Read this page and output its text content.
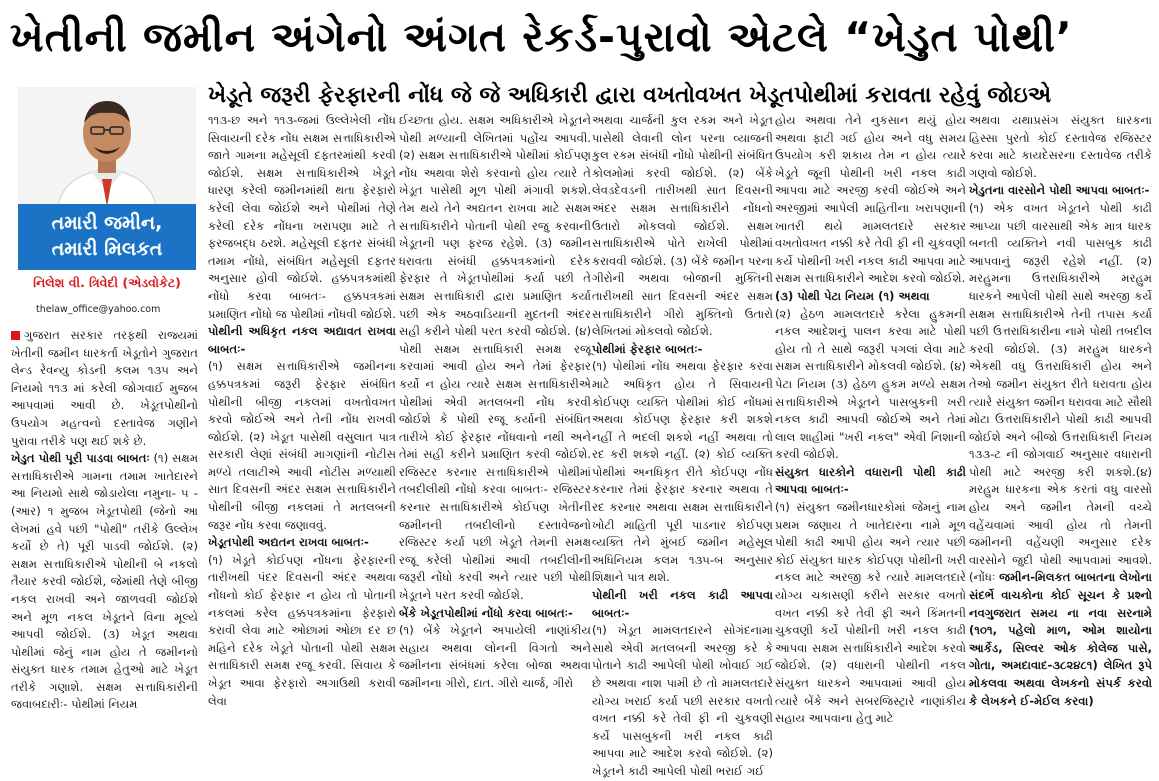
ખેતીની જમીન અંગેનો અંગત રેકર્ડ-પુરાવો એટલે “ખેડુત પોથી’
ખેડૂતે જરૂરી ફેરફારની નોંધ જે જે અધિકારી દ્વારા વખતોવખત ખેડૂતપોથીમાં કરાવતા રહેવું જોઇએ
તમારી જમીન,
તમારી મિલકત
નિલેશ વી. ત્રિવેદી (એડવોકેટ)
thelaw_office@yahoo.com

ગુજરાત સરકાર તરફથી રાજ્યમાં ખેતીની જમીન ધારકર્તા ખેડૂતોને ગુજરાત લેન્ડ રેવન્યુ કોડની કલમ ૧૩૫ અને નિયમો ૧૧૩ માં કરેલી જોગવાઈ મુજબ આપવામાં આવી છે. ખેડૂતપોથીનો ઉપયોગ મહત્વનો દસ્તાવેજ ગણીને પુરાવા તરીકે પણ થઈ શકે છે.

ખેડુત પોથી પૂરી પાડવા બાબતઃ (૧) સક્ષમ સત્તાધિકારીએ ગામના તમામ ખાતેદારને આ નિયમો સાથે જોડાયેલા નમુના- ૫ - (આર) ૧ મુજબ ખેડૂતપોથી (જેનો આ લેખમાં હવે પછી "પોથી" તરીકે ઉલ્લેખ કર્યો છે તે) પૂરી પાડવી જોઈશે. (૨) સક્ષમ સત્તાધિકારીએ પોથીની બે નકલો તૈયાર કરવી જોઈશે, જેમાંથી તેણે બીજી નકલ રાખવી અને જાળવવી જોઈશે અને મૂળ નકલ ખેડૂતને વિના મૂલ્યે આપવી જોઈશે. (૩) ખેડૂત અથવા પોથીમાં જેનું નામ હોય તે જમીનનો સંયુક્ત ધારક તમામ હેતુઓ માટે ખેડૂત તરીકે ગણાશે. સક્ષમ સત્તાધિકારીની જવાબદારીઃ- પોથીમાં નિયમ

૧૧૩-છ અને ૧૧૩-જમાં ઉલ્લેખેલી નોંધ સિવાયની દરેક નોંધ સક્ષમ સત્તાધિકારીએ જાતે ગામના મહેસૂલી દફતરમાંથી કરવી જોઈશે. સક્ષમ સત્તાધિકારીએ ખેડૂતે ધારણ કરેલી જમીનમાંથી થતા ફેરફારો કરેલી લેવા જોઈશે અને પોથીમાં તેણે કરેલી દરેક નોંધના ખરાપણા માટે તે ફરજબદ્ધ ઠરશે. મહેસૂલી દફતર સંબંધી તમામ નોંધો, સંબંધિત મહેસૂલી દફતર અનુસાર હોવી જોઈશે. હક્કપત્રકમાંથી નોંધો કરવા બાબતઃ- હક્કપત્રકમાં પ્રમાણિત નોંધો જ પોથીમાં નોંધવી જોઈશે.

પોથીની અધિકૃત નકલ અદ્યાવત રાખવા બાબતઃ-

(૧) સક્ષમ સત્તાધિકારીએ જમીનના હક્કપત્રકમાં જરૂરી ફેરફાર સંબંધિત પોથીની બીજી નકલમાં વખતોવખત કરવો જોઈએ અને તેની નોંધ રાખવી જોઈશે. (૨) ખેડૂત પાસેથી વસુલાત પાત્ર સરકારી લેણાં સંબંધી માગણાંની નોટીસ મળ્યે તલાટીએ આવી નોટીસ મળ્યાથી સાત દિવસની અંદર સક્ષમ સત્તાધિકારીને પોથીની બીજી નકલમાં તે મતલબની જરૂર નોંધ કરવા જણાવવું.

ખેડૂતપોથી અદ્યતન રાખવા બાબતઃ-

(૧) ખેડૂતે કોઈપણ નોંધના ફેરફારની તારીખથી પંદર દિવસની અંદર અથવા નોંધનો કોઈ ફેરફાર ન હોય તો પોતાની નકલમાં કરેલ હક્કપત્રકમાંના ફેરફારો કરાવી લેવા માટે ઓછામાં ઓછા દર છ મહિને દરેક ખેડૂતે પોતાની પોથી સક્ષમ સત્તાધિકારી સમક્ષ રજૂ કરવી. સિવાય કે ખેડૂત આવા ફેરફારો અગાઉથી કરાવી લેવા

ઈચ્છતા હોય. સક્ષમ અધિકારીએ ખેડૂતને પોથી મળ્યાની લેખિતમાં પહોંચ આપવી. (૨) સક્ષમ સત્તાધિકારીએ પોથીમાં કોઈપણ નોંધ અથવા શેરો કરવાનો હોય ત્યારે તે ખેડૂત પાસેથી મૂળ પોથી મંગાવી શકશે. તેમ થયે તેને અદ્યતન રાખવા માટે સક્ષમ સત્તાધિકારીને પોતાની પોથી રજુ કરવાની ખેડૂતની પણ ફરજ રહેશે. (૩) જમીન ધરાવતા સંબંધી હક્કપત્રકમાંનો દરેક ફેરફાર તે ખેડૂતપોથીમાં કર્યા પછી તે સક્ષમ સત્તાધિકારી દ્વારા પ્રમાણિત કર્યા પછી એક અઠવાડિયાની મુદતની અંદર સહી કરીને પોથી પરત કરવી જોઈશે. (૪) પોથી સક્ષમ સત્તાધિકારી સમક્ષ રજૂ કરવામાં આવી હોય અને તેમાં ફેરફાર કર્યો ન હોય ત્યારે સક્ષમ સત્તાધિકારીએ પોથીમાં એવી મતલબની નોંધ કરવી જોઈશે કે પોથી રજૂ કર્યાની સંબંધિત તારીખે કોઈ ફેરફાર નોંધવાનો નથી અને તેમાં સહી કરીને પ્રમાણિત કરવી જોઈશે. રજિસ્ટર કરનાર સત્તાધિકારીએ પોથીમાં તબદીલીથી નોંધો કરવા બાબતઃ- રજિસ્ટર કરનાર સત્તાધિકારીએ કોઈપણ ખેતીની જમીનની તબદીલીનો દસ્તાવેજનો રજિસ્ટર કર્યા પછી ખેડૂતે તેમની સમક્ષ રજૂ કરેલી પોથીમાં આવી તબદીલીની જરૂરી નોંધો કરવી અને ત્યાર પછી પોથી ખેડૂતને પરત કરવી જોઈશે.

બેંકે ખેડૂતપોથીમાં નોંધો કરવા બાબતઃ-

(૧) બેંકે ખેડૂતને અપાયેલી નાણાંકીય સહાય અથવા લોનની વિગતો અને જમીનના સંબંધમાં કરેલા બોજા અથવા જમીનના ગીરો, દાત. ગીરો ચાર્જ, ગીરો

અથવા ચાર્જની કુલ રકમ અને ખેડૂત પાસેથી લેવાની લોન પરના વ્યાજની કુલ રકમ સંબંધી નોંધો પોથીની સંબંધિત કોલમોમાં કરવી જોઈશે. (૨) બેંકે લેવડદેવડની તારીખથી સાત દિવસની અંદર સક્ષમ સત્તાધિકારીને નોંધનો ઉતારો મોકલવો જોઈશે. સક્ષમ સત્તાધિકારીએ પોતે રાખેલી પોથીમાં કરાવવી જોઈશે. (૩) બેંકે જમીન પરના ગીરોની અથવા બોજાની મુક્તિની તારીખથી સાત દિવસની અંદર સક્ષમ સત્તાધિકારીને ગીરો મુક્તિનો ઉતારો લેખિતમાં મોકલવો જોઈશે.

પોથીમાં ફેરફાર બાબતઃ-

(૧) પોથીમાં નોંધ અથવા ફેરફાર કરવા માટે અધિકૃત હોય તે સિવાયની કોઈપણ વ્યક્તિ પોથીમાં કોઈ નોંધમાં અથવા કોઈપણ ફેરફાર કરી શકશે નહીં તે ભદલી શકશે નહીં અથવા તો રદ કરી શકશે નહીં. (૨) કોઈ વ્યક્તિ પોથીમાં અનધિકૃત રીતે કોઈપણ નોંધ કરનાર તેમાં ફેરફાર કરનાર અથવા તે રદ કરનાર અથવા સક્ષમ સત્તાધિકારીને ખોટી માહિતી પૂરી પાડનાર કોઈપણ વ્યક્તિ તેને મુંબઈ જમીન મહેસૂલ અધિનિયમ કલમ ૧૩૫-બ અનુસાર શિક્ષાને પાત્ર થશે.

પોથીની ખરી નકલ કાઢી આપવા બાબતઃ-

(૧) ખેડૂત મામલતદારને સોગંદનામા સાથે એવી મતલબની અરજી કરે કે પોતાને કાઢી આપેલી પોથી ખોવાઈ ગઈ છે અથવા નાશ પામી છે તો મામલતદારે યોગ્ય ખરાઈ કર્યા પછી સરકાર વખતો વખત નક્કી કરે તેવી ફી ની ચુકવણી કર્યે પાસબુકની ખરી નકલ કાઢી આપવા માટે આદેશ કરવો જોઈશે. (૨) ખેડૂતને કાઢી આપેલી પોથી ભરાઈ ગઈ

હોય અથવા તેને નુકસાન થયું હોય અથવા ફાટી ગઈ હોય અને વધુ સમય ઉપયોગ કરી શકાય તેમ ન હોય ત્યારે ખેડૂતે જૂની પોથીની ખરી નકલ કાઢી આપવા માટે અરજી કરવી જોઈએ અને અરજીમાં આપેલી માહિતીના ખરાપણાની ખાતરી થયે મામલતદારે સરકાર વખતોવખત નક્કી કરે તેવી ફી ની ચુકવણી કર્યે પોથીની ખરી નકલ કાઢી આપવા માટે સક્ષમ સત્તાધિકારીને આદેશ કરવો જોઈશે.

(૩) પોથી પેટા નિયમ (૧) અથવા

(૨) હેઠળ મામલતદારે કરેલા હુકમની નકલ આદેશનું પાલન કરવા માટે પોથી હોય તો તે સાથે જરૂરી પગલાં લેવા માટે સક્ષમ સત્તાધિકારીને મોકલવી જોઈશે. (૪) પેટા નિયમ (૩) હેઠળ હુકમ મળ્યે સક્ષમ સત્તાધિકારીએ ખેડૂતને પાસબુકની ખરી નકલ કાઢી આપવી જોઈએ અને તેમાં લાલ શાહીમાં "ખરી નકલ" એવી નિશાની કરવી જોઈશે.

સંયુક્ત ધારકોને વધારાની પોથી કાઢી આપવા બાબતઃ-

(૧) સંયુક્ત જમીનધારકોમાં જેમનું નામ પ્રથમ જણાય તે ખાતેદારના નામે મૂળ પોથી કાઢી આપી હોય અને ત્યાર પછી કોઈ સંયુક્ત ધારક કોઈપણ પોથીની ખરી નકલ માટે અરજી કરે ત્યારે મામલતદારે યોગ્ય ચકાસણી કરીને સરકાર વખતો વખત નક્કી કરે તેવી ફી અને કિંમતની ચુકવણી કર્યે પોથીની ખરી નકલ કાઢી આપવા સક્ષમ સત્તાધિકારીને આદેશ કરવો જોઈશે. (૨) વધારાની પોથીની નકલ સંયુક્ત ધારકને આપવામાં આવી હોય ત્યારે બેંકે અને સબરજિસ્ટ્રારે નાણાંકીય સહાય આપવાના હેતુ માટે

અથવા યથાપ્રસંગ સંયુક્ત ધારકના હિસ્સા પુરતો કોઈ દસ્તાવેજ રજિસ્ટર કરવા માટે કાયદેસરના દસ્તાવેજ તરીકે ગણવો જોઈશે.

ખેડુતના વારસોને પોથી આપવા બાબતઃ-

(૧) એક વખત ખેડૂતને પોથી કાઢી આપ્યા પછી વારસાથી એક માત્ર ધારક બનતી વ્યક્તિને નવી પાસબુક કાઢી આપવાનું જરૂરી રહેશે નહીં. (૨) મરહુમના ઉત્તરાધિકારીએ મરહુમ ધારકને આપેલી પોથી સાથે અરજી કર્યે સક્ષમ સત્તાધિકારીએ તેની તપાસ કર્યા પછી ઉત્તરાધિકારીના નામે પોથી તબદીલ કરવી જોઈશે. (૩) મરહુમ ધારકને એકથી વધુ ઉત્તરાધિકારી હોય અને તેઓ જમીન સંયુક્ત રીતે ધરાવતા હોય ત્યારે સંયુક્ત જમીન ધરાવવા માટે સૌથી મોટા ઉત્તરાધિકારીને પોથી કાઢી આપવી જોઈશે અને બીજો ઉત્તરાધિકારી નિયમ ૧૩૩-ટ ની જોગવાઈ અનુસાર વધારાની પોથી માટે અરજી કરી શકશે.(૪) મરહુમ ધારકના એક કરતાં વધુ વારસો હોય અને જમીન તેમની વચ્ચે વહેંચવામાં આવી હોય તો તેમની જમીનની વહેંચણી અનુસાર દરેક વારસોને જુદી પોથી આપવામાં આવશે. (નોંધઃ જમીન-મિલકત બાબતના લેખોના સંદર્ભે વાચકોના કોઈ સૂચન કે પ્રશ્નો નવગુજરાત સમય ના નવા સરનામે (૧૦૧, પહેલો માળ, ઓમ શાયોના આર્કેડ, સિલ્વર ઓક કોલેજ પાસે, ગોતા, અમદાવાદ-૩૮૨૪૮૧) લેખિત રૂપે મોકલવા અથવા લેખકનો સંપર્ક કરવો કે લેખકને ઈ-મેઈલ કરવા)
